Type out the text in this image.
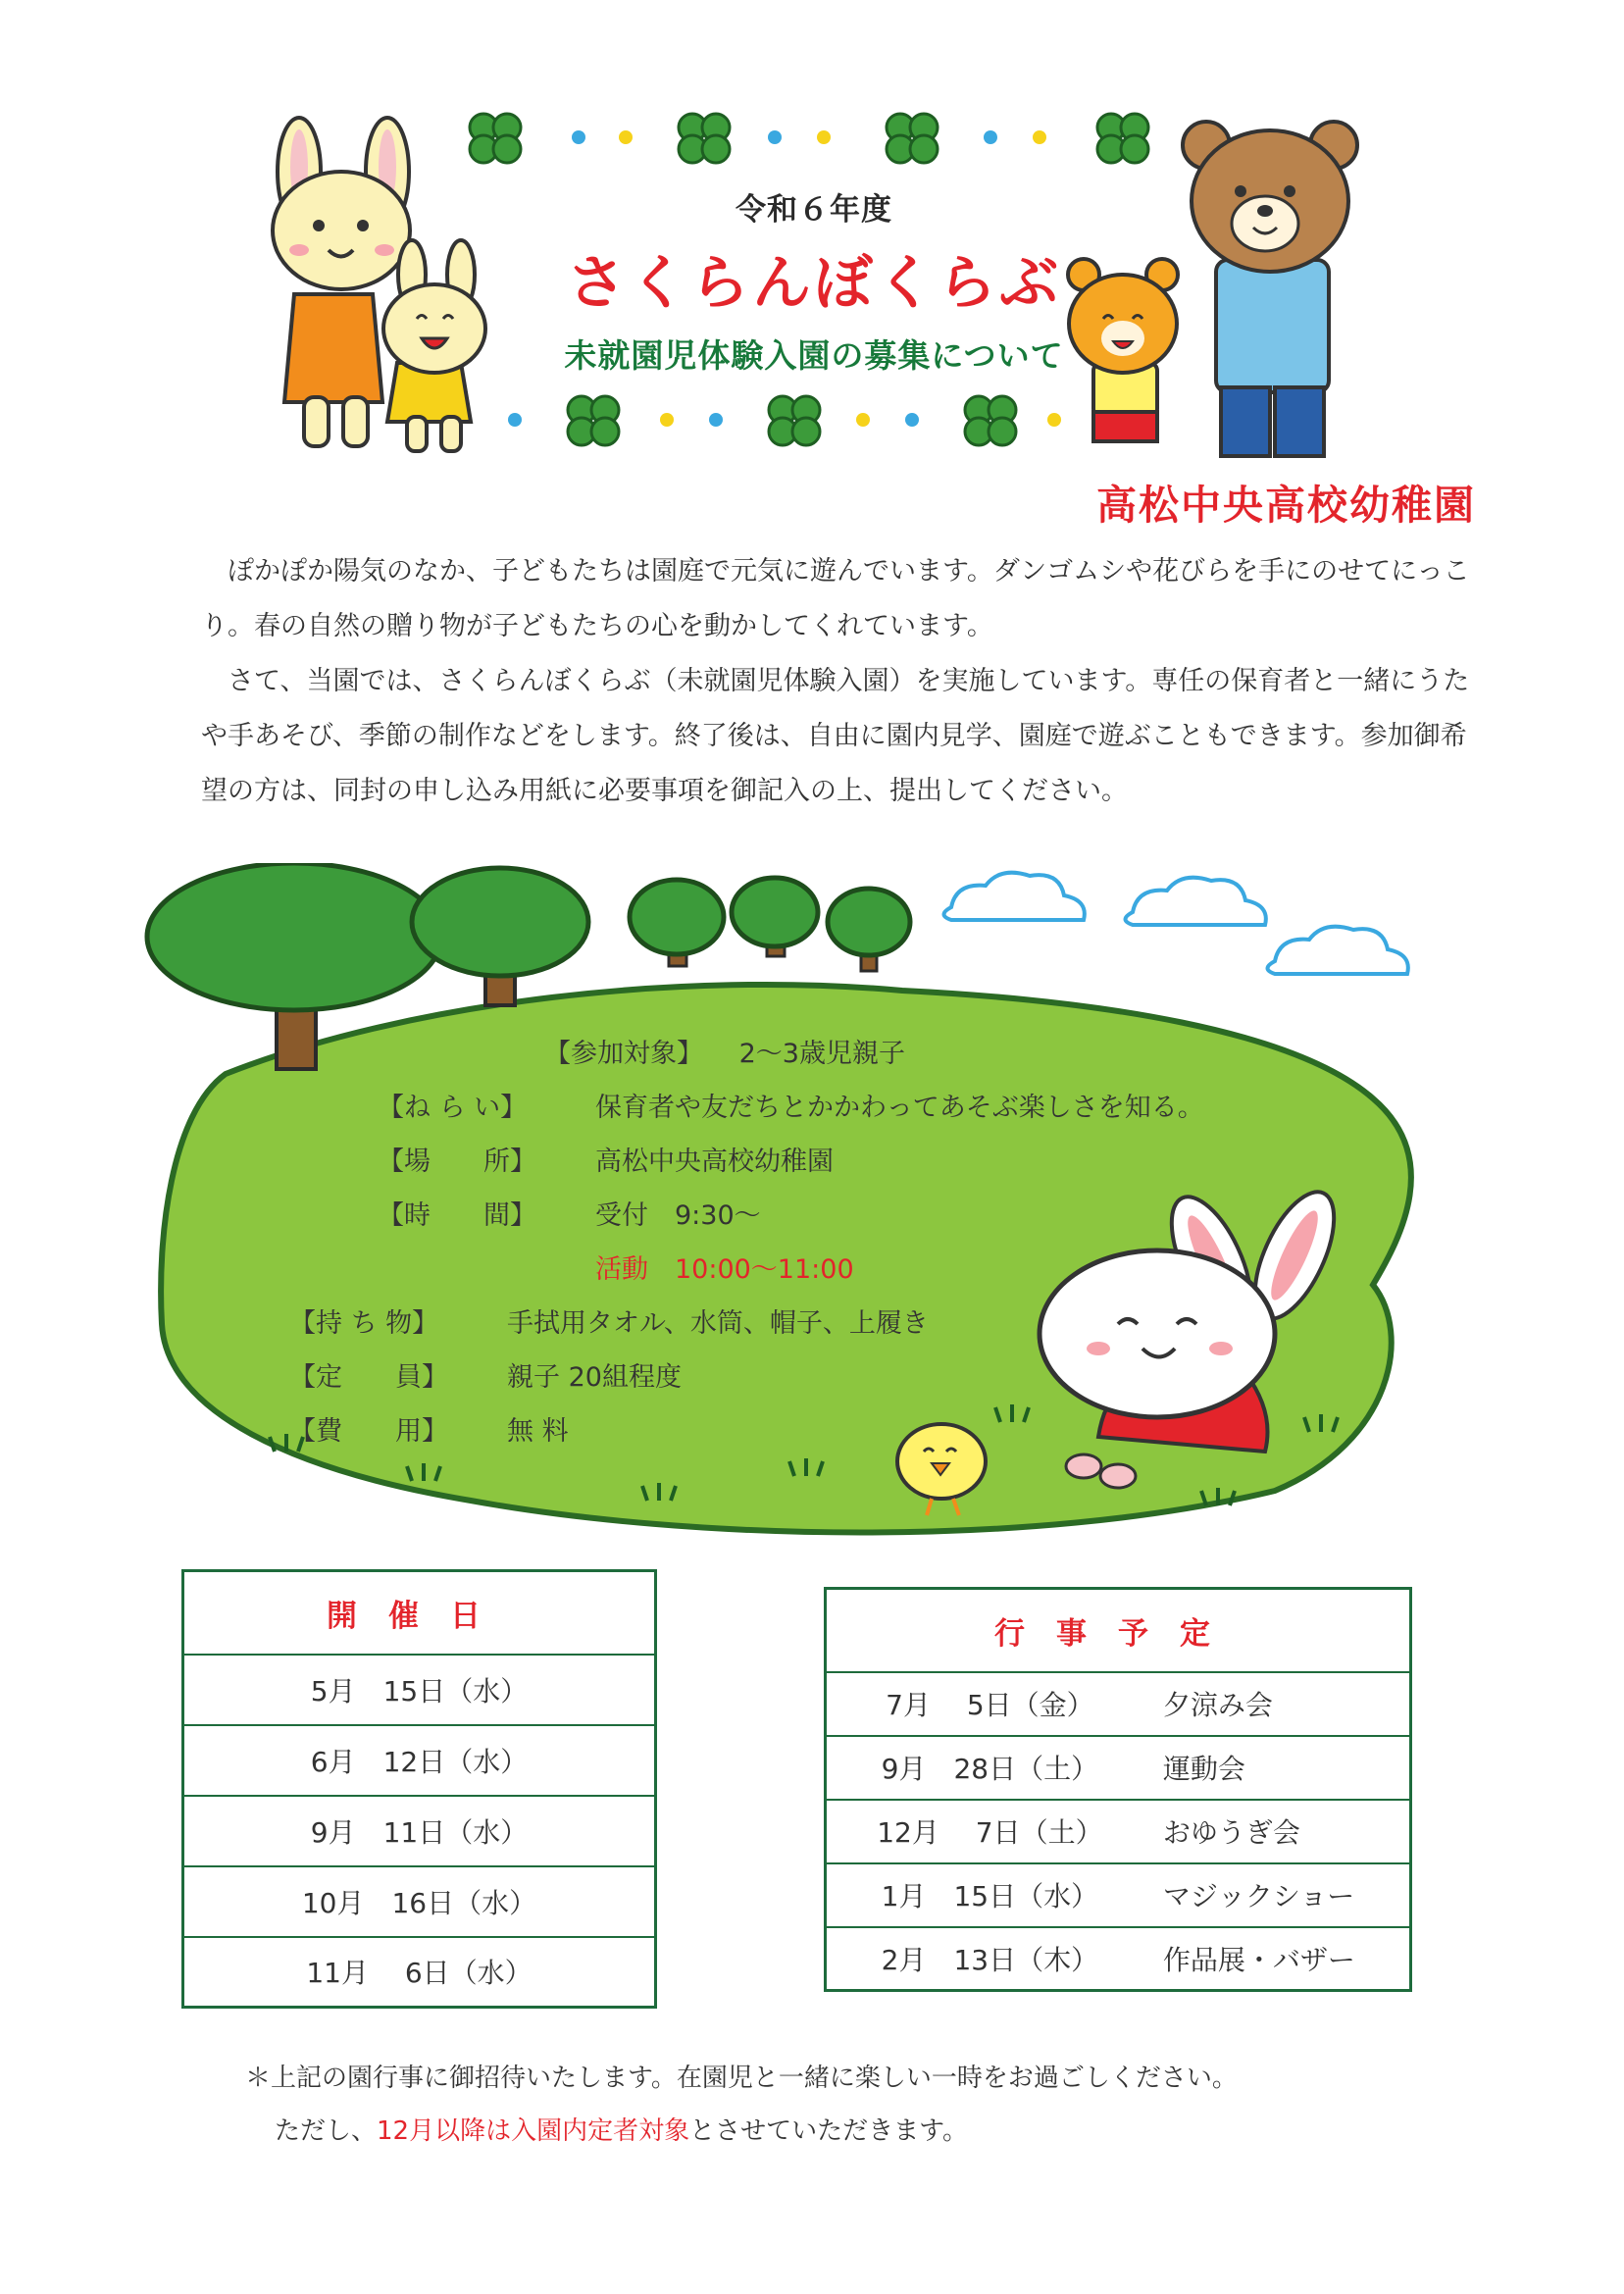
令和６年度
さくらんぼくらぶ
未就園児体験入園の募集について
高松中央高校幼稚園

ぽかぽか陽気のなか、子どもたちは園庭で元気に遊んでいます。ダンゴムシや花びらを手にのせてにっこり。春の自然の贈り物が子どもたちの心を動かしてくれています。

さて、当園では、さくらんぼくらぶ（未就園児体験入園）を実施しています。専任の保育者と一緒にうたや手あそび、季節の制作などをします。終了後は、自由に園内見学、園庭で遊ぶこともできます。参加御希望の方は、同封の申し込み用紙に必要事項を御記入の上、提出してください。

【参加対象】 2～3歳児親子
【ね ら い】	保育者や友だちとかかわってあそぶ楽しさを知る。
【場　　所】 高松中央高校幼稚園
【時　　間】 受付　9:30～
活動　10:00～11:00
【持 ち 物】	手拭用タオル、水筒、帽子、上履き
【定　　員】 親子 20組程度
【費　　用】 無 料
開催日
5月　15日（水）
6月　12日（水）
9月　11日（水）
10月　16日（水）
11月　 6日（水）
行事予定	
7月　 5日（金）	夕涼み会
9月　28日（土）	運動会
12月　 7日（土）	おゆうぎ会
1月　15日（水）	マジックショー
2月　13日（木）	作品展・バザー
＊上記の園行事に御招待いたします。在園児と一緒に楽しい一時をお過ごしください。
ただし、12月以降は入園内定者対象とさせていただきます。
